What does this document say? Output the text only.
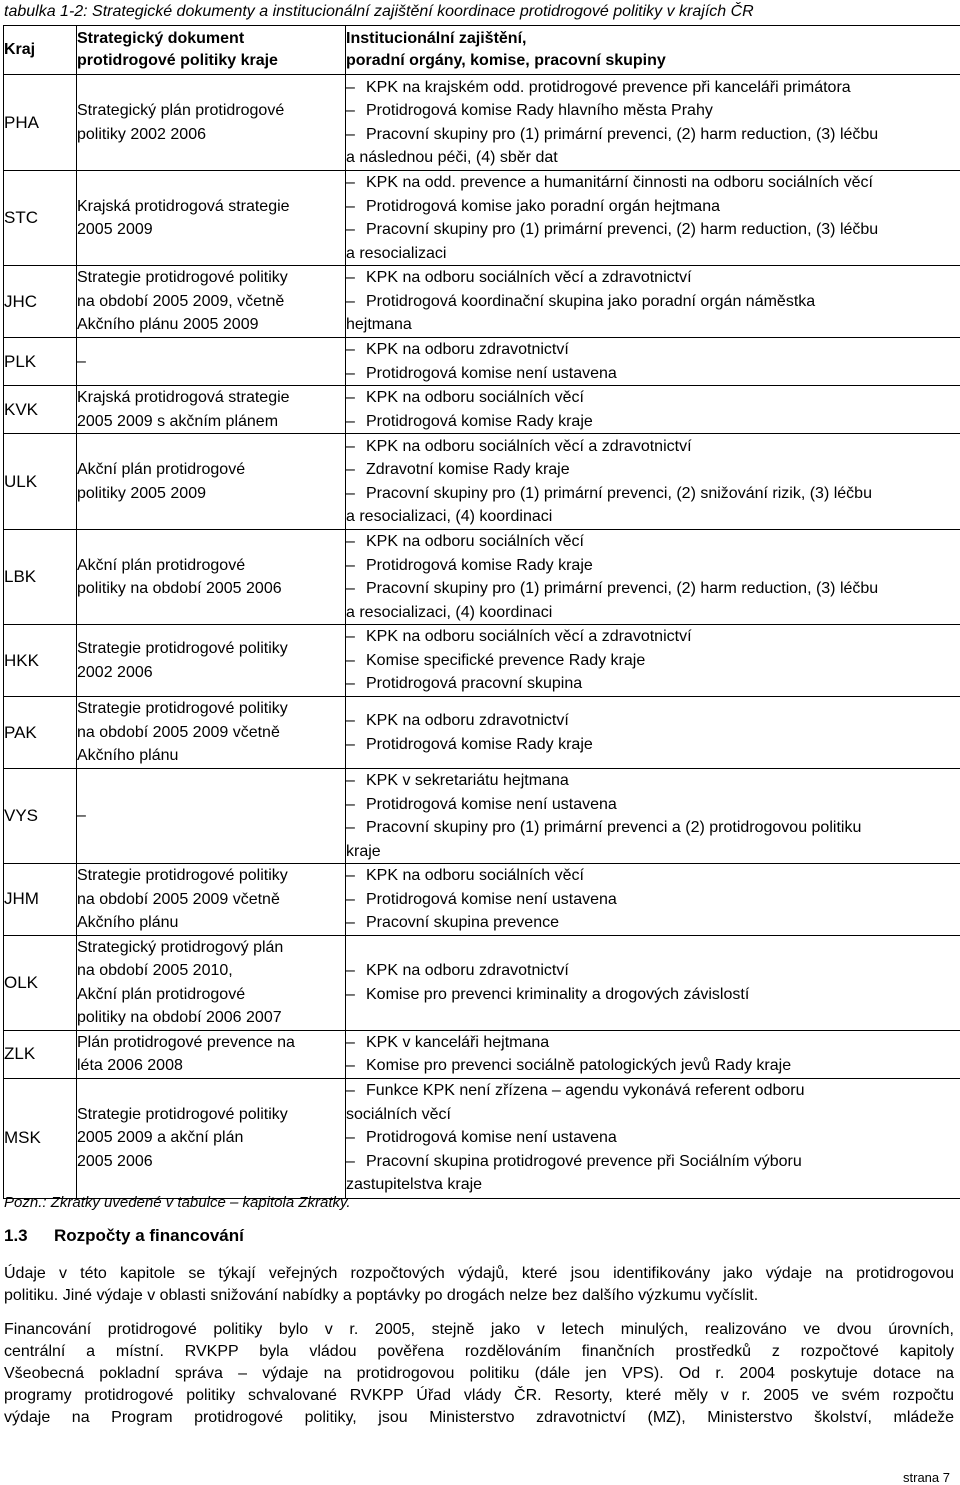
tabulka 1-2: Strategické dokumenty a institucionální zajištění koordinace protidrogové politiky v krajích ČR
Kraj	Strategický dokument
protidrogové politiky kraje	Institucionální zajištění,
poradní orgány, komise, pracovní skupiny

PHA	Strategický plán protidrogové
politiky 2002 2006	– KPK na krajském odd. protidrogové prevence při kanceláři primátora
– Protidrogová komise Rady hlavního města Prahy
– Pracovní skupiny pro (1) primární prevenci, (2) harm reduction, (3) léčbu
a následnou péči, (4) sběr dat

STC	Krajská protidrogová strategie
2005 2009	– KPK na odd. prevence a humanitární činnosti na odboru sociálních věcí
– Protidrogová komise jako poradní orgán hejtmana
– Pracovní skupiny pro (1) primární prevenci, (2) harm reduction, (3) léčbu
a resocializaci

JHC	Strategie protidrogové politiky
na období 2005 2009, včetně
Akčního plánu 2005 2009	– KPK na odboru sociálních věcí a zdravotnictví
– Protidrogová koordinační skupina jako poradní orgán náměstka
hejtmana

PLK	–	– KPK na odboru zdravotnictví
– Protidrogová komise není ustavena

KVK	Krajská protidrogová strategie
2005 2009 s akčním plánem	– KPK na odboru sociálních věcí
– Protidrogová komise Rady kraje

ULK	Akční plán protidrogové
politiky 2005 2009	– KPK na odboru sociálních věcí a zdravotnictví
– Zdravotní komise Rady kraje
– Pracovní skupiny pro (1) primární prevenci, (2) snižování rizik, (3) léčbu
a resocializaci, (4) koordinaci

LBK	Akční plán protidrogové
politiky na období 2005 2006	– KPK na odboru sociálních věcí
– Protidrogová komise Rady kraje
– Pracovní skupiny pro (1) primární prevenci, (2) harm reduction, (3) léčbu
a resocializaci, (4) koordinaci

HKK	Strategie protidrogové politiky
2002 2006	– KPK na odboru sociálních věcí a zdravotnictví
– Komise specifické prevence Rady kraje
– Protidrogová pracovní skupina

PAK	Strategie protidrogové politiky
na období 2005 2009 včetně
Akčního plánu	– KPK na odboru zdravotnictví
– Protidrogová komise Rady kraje

VYS	–	– KPK v sekretariátu hejtmana
– Protidrogová komise není ustavena
– Pracovní skupiny pro (1) primární prevenci a (2) protidrogovou politiku
kraje

JHM	Strategie protidrogové politiky
na období 2005 2009 včetně
Akčního plánu	– KPK na odboru sociálních věcí
– Protidrogová komise není ustavena
– Pracovní skupina prevence

OLK	Strategický protidrogový plán
na období 2005 2010,
Akční plán protidrogové
politiky na období 2006 2007	– KPK na odboru zdravotnictví
– Komise pro prevenci kriminality a drogových závislostí

ZLK	Plán protidrogové prevence na
léta 2006 2008	– KPK v kanceláři hejtmana
– Komise pro prevenci sociálně patologických jevů Rady kraje

MSK	Strategie protidrogové politiky
2005 2009 a akční plán
2005 2006	– Funkce KPK není zřízena – agendu vykonává referent odboru
sociálních věcí
– Protidrogová komise není ustavena
– Pracovní skupina protidrogové prevence při Sociálním výboru
zastupitelstva kraje
Pozn.: Zkratky uvedené v tabulce – kapitola Zkratky.
1.3 Rozpočty a financování
Údaje v této kapitole se týkají veřejných rozpočtových výdajů, které jsou identifikovány jako výdaje na protidrogovou
politiku. Jiné výdaje v oblasti snižování nabídky a poptávky po drogách nelze bez dalšího výzkumu vyčíslit.
Financování protidrogové politiky bylo v r. 2005, stejně jako v letech minulých, realizováno ve dvou úrovních,
centrální a místní. RVKPP byla vládou pověřena rozdělováním finančních prostředků z rozpočtové kapitoly
Všeobecná pokladní správa – výdaje na protidrogovou politiku (dále jen VPS). Od r. 2004 poskytuje dotace na
programy protidrogové politiky schvalované RVKPP Úřad vlády ČR. Resorty, které měly v r. 2005 ve svém rozpočtu
výdaje na Program protidrogové politiky, jsou Ministerstvo zdravotnictví (MZ), Ministerstvo školství, mládeže
strana 7
